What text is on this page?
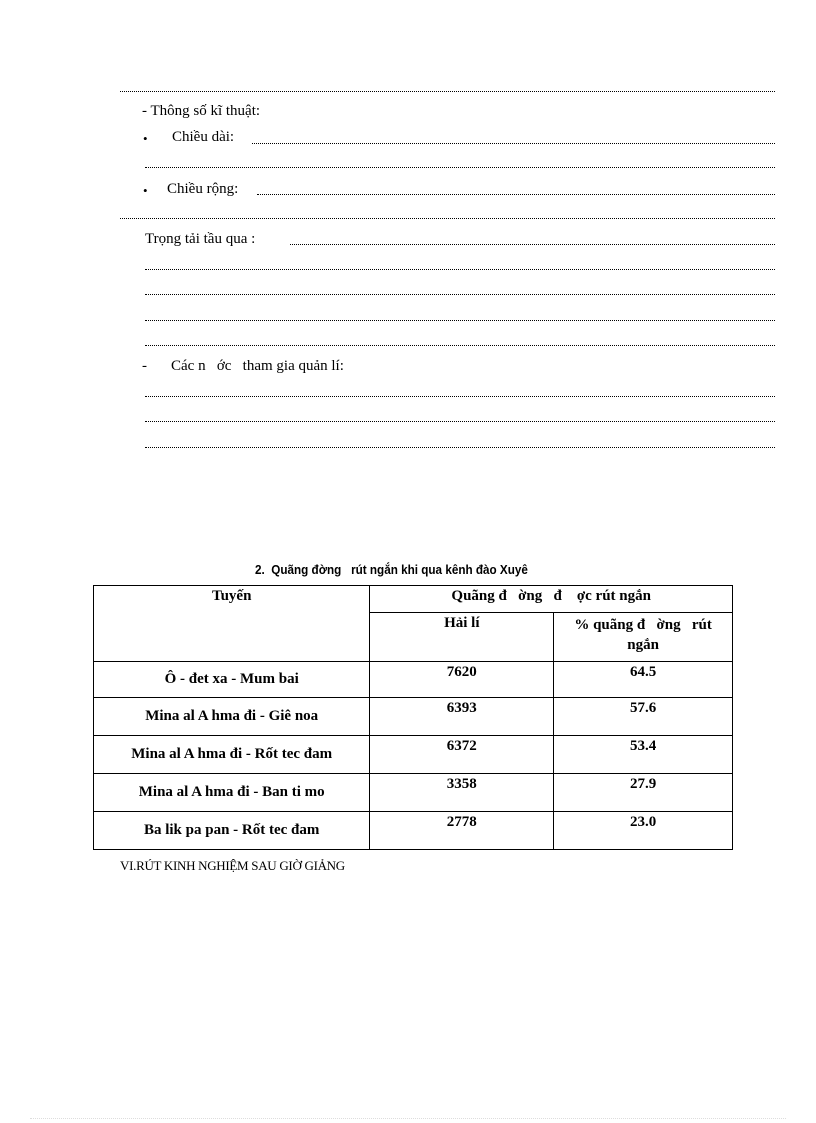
- Thông số kĩ thuật:
• Chiều dài:
• Chiều rộng:
Trọng tải tầu qua :
- Các n   ớc   tham gia quản lí:
2.  Quãng đờng   rút ngắn khi qua kênh đào Xuyê
Tuyến	Quãng đ   ờng   đ    ợc rút ngắn	
	Hải lí	% quãng đ   ờng   rút ngắn
Ô - đet xa - Mum bai	7620	64.5
Mina al A hma đi - Giê noa	6393	57.6
Mina al A hma đi - Rốt tec đam	6372	53.4
Mina al A hma đi - Ban ti mo	3358	27.9
Ba lik pa pan - Rốt tec đam	2778	23.0
VI.RÚT KINH NGHIỆM SAU GIỜ GIẢNG
